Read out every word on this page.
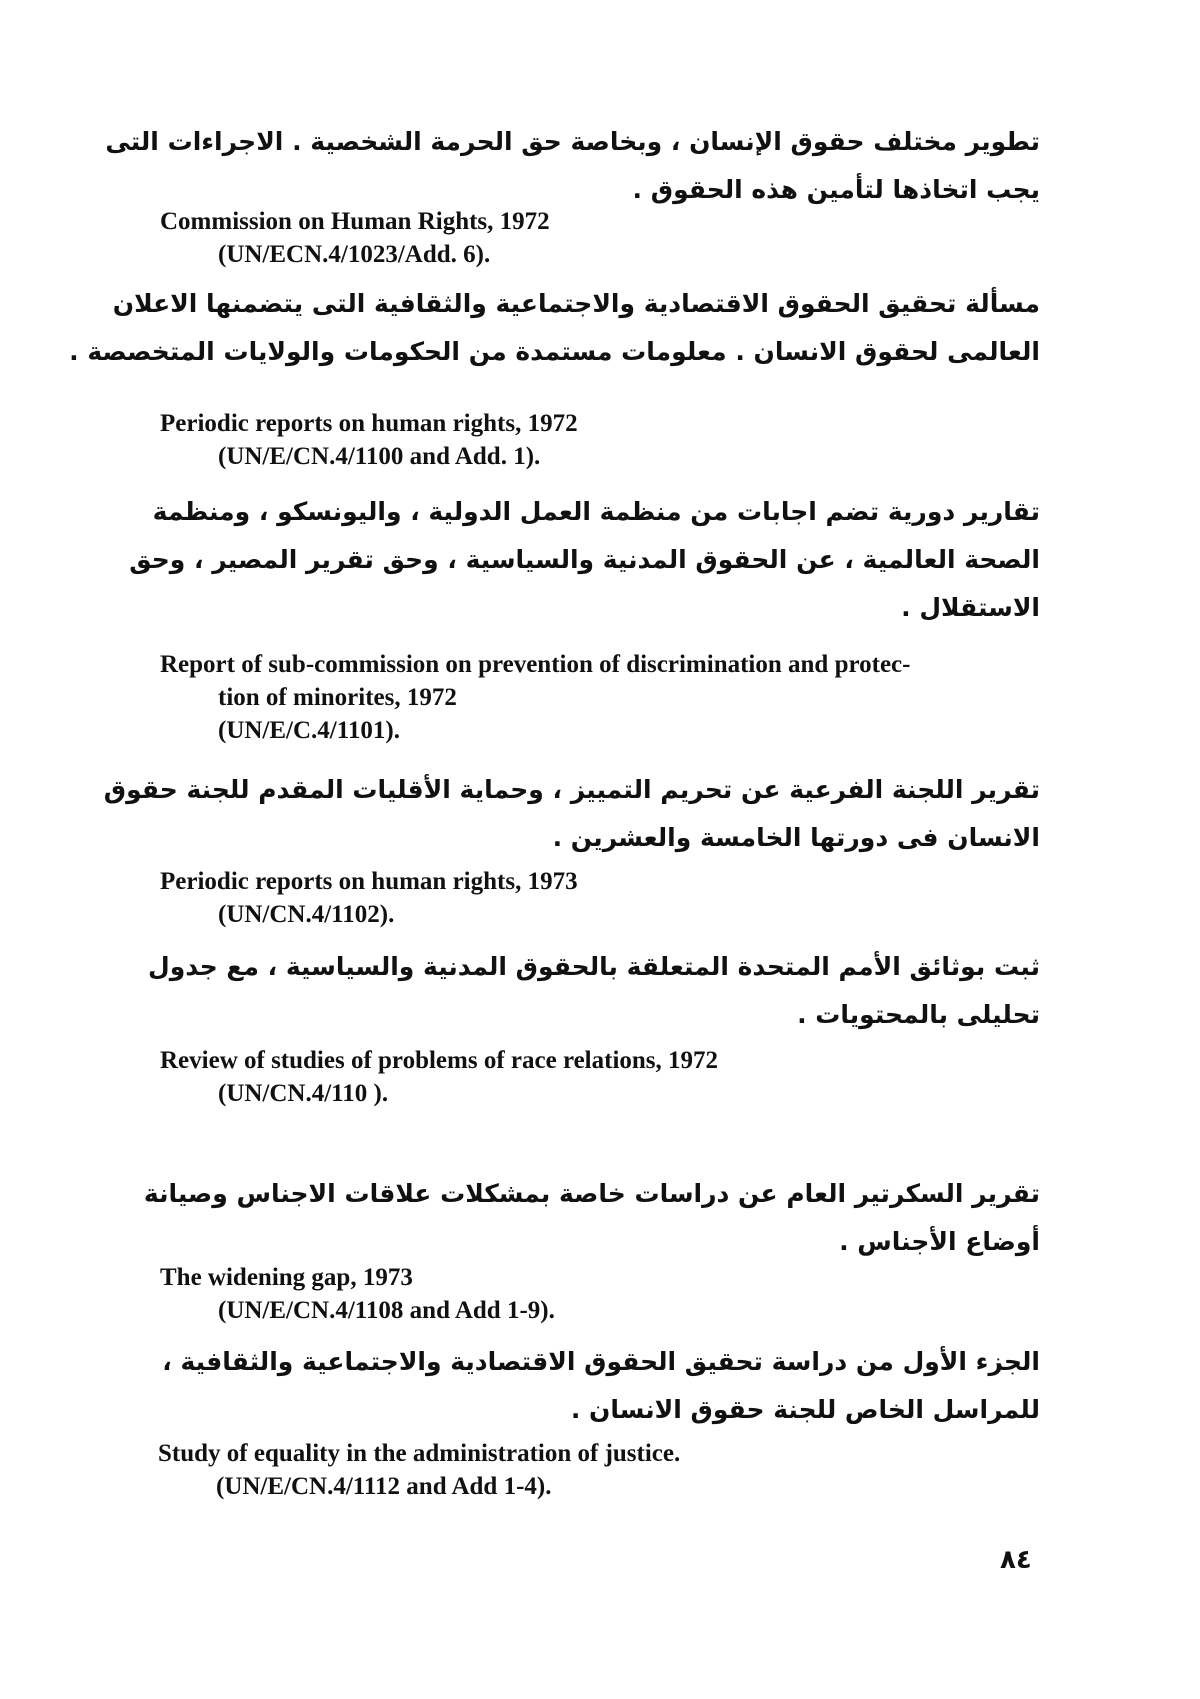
تطوير مختلف حقوق الإنسان ، وبخاصة حق الحرمة الشخصية . الاجراءات التى
يجب اتخاذها لتأمين هذه الحقوق .
Commission on Human Rights, 1972
(UN/ECN.4/1023/Add. 6).
مسألة تحقيق الحقوق الاقتصادية والاجتماعية والثقافية التى يتضمنها الاعلان
العالمى لحقوق الانسان . معلومات مستمدة من الحكومات والولايات المتخصصة .
Periodic reports on human rights, 1972
(UN/E/CN.4/1100 and Add. 1).
تقارير دورية تضم اجابات من منظمة العمل الدولية ، واليونسكو ، ومنظمة
الصحة العالمية ، عن الحقوق المدنية والسياسية ، وحق تقرير المصير ، وحق
الاستقلال .
Report of sub-commission on prevention of discrimination and protec-
tion of minorites, 1972
(UN/E/C.4/1101).
تقرير اللجنة الفرعية عن تحريم التمييز ، وحماية الأقليات المقدم للجنة حقوق
الانسان فى دورتها الخامسة والعشرين .
Periodic reports on human rights, 1973
(UN/CN.4/1102).
ثبت بوثائق الأمم المتحدة المتعلقة بالحقوق المدنية والسياسية ، مع جدول
تحليلى بالمحتويات .
Review of studies of problems of race relations, 1972
(UN/CN.4/110 ).
تقرير السكرتير العام عن دراسات خاصة بمشكلات علاقات الاجناس وصيانة
أوضاع الأجناس .
The widening gap, 1973
(UN/E/CN.4/1108 and Add 1-9).
الجزء الأول من دراسة تحقيق الحقوق الاقتصادية والاجتماعية والثقافية ،
للمراسل الخاص للجنة حقوق الانسان .
Study of equality in the administration of justice.
(UN/E/CN.4/1112 and Add 1-4).
٨٤
